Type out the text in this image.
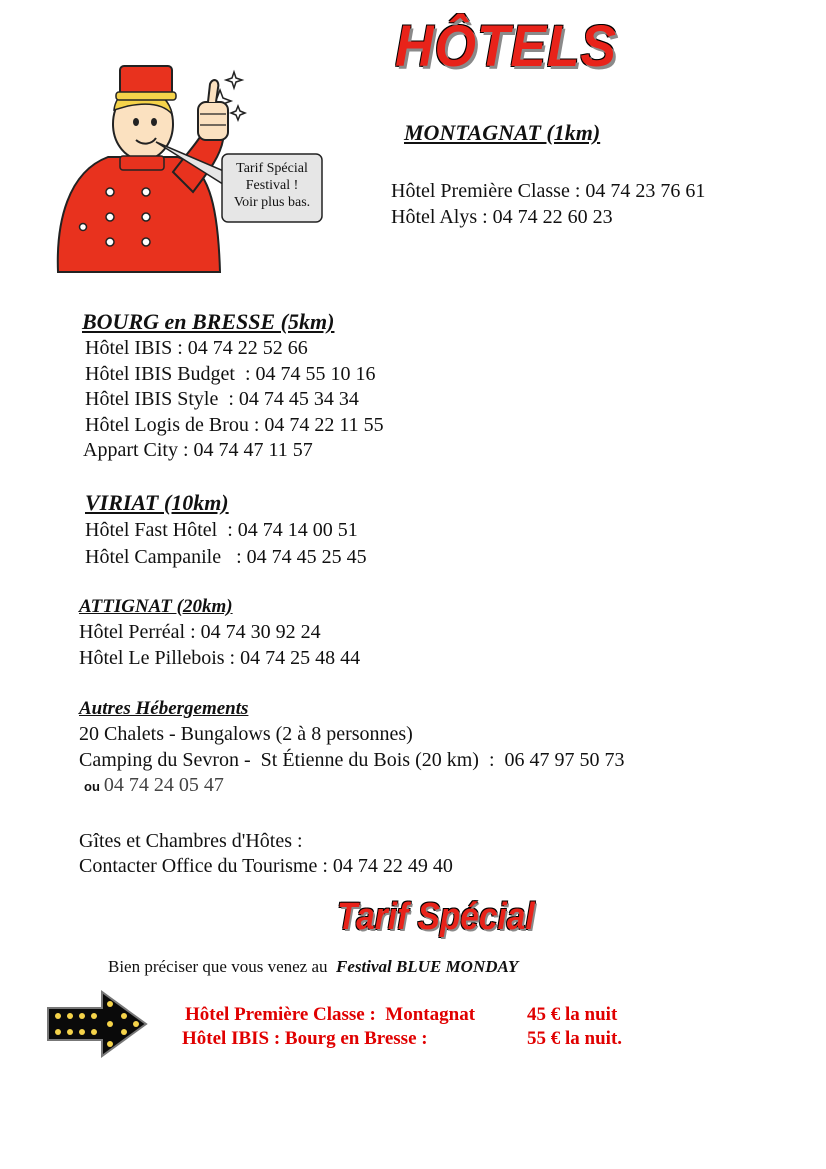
HÔTELS
Tarif Spécial
Festival !
Voir plus bas.
MONTAGNAT (1km)
Hôtel Première Classe : 04 74 23 76 61
Hôtel Alys : 04 74 22 60 23
BOURG en BRESSE (5km)
Hôtel IBIS : 04 74 22 52 66
Hôtel IBIS Budget  : 04 74 55 10 16
Hôtel IBIS Style  : 04 74 45 34 34
Hôtel Logis de Brou : 04 74 22 11 55
Appart City : 04 74 47 11 57
VIRIAT (10km)
Hôtel Fast Hôtel  : 04 74 14 00 51
Hôtel Campanile   : 04 74 45 25 45
ATTIGNAT (20km)
Hôtel Perréal : 04 74 30 92 24
Hôtel Le Pillebois : 04 74 25 48 44
Autres Hébergements
20 Chalets - Bungalows (2 à 8 personnes)
Camping du Sevron -  St Étienne du Bois (20 km)  :  06 47 97 50 73
ou 04 74 24 05 47
Gîtes et Chambres d'Hôtes :
Contacter Office du Tourisme : 04 74 22 49 40
Tarif Spécial
Bien préciser que vous venez au Festival BLUE MONDAY
Hôtel Première Classe :  Montagnat	45 € la nuit
Hôtel IBIS : Bourg en Bresse :	55 € la nuit.
